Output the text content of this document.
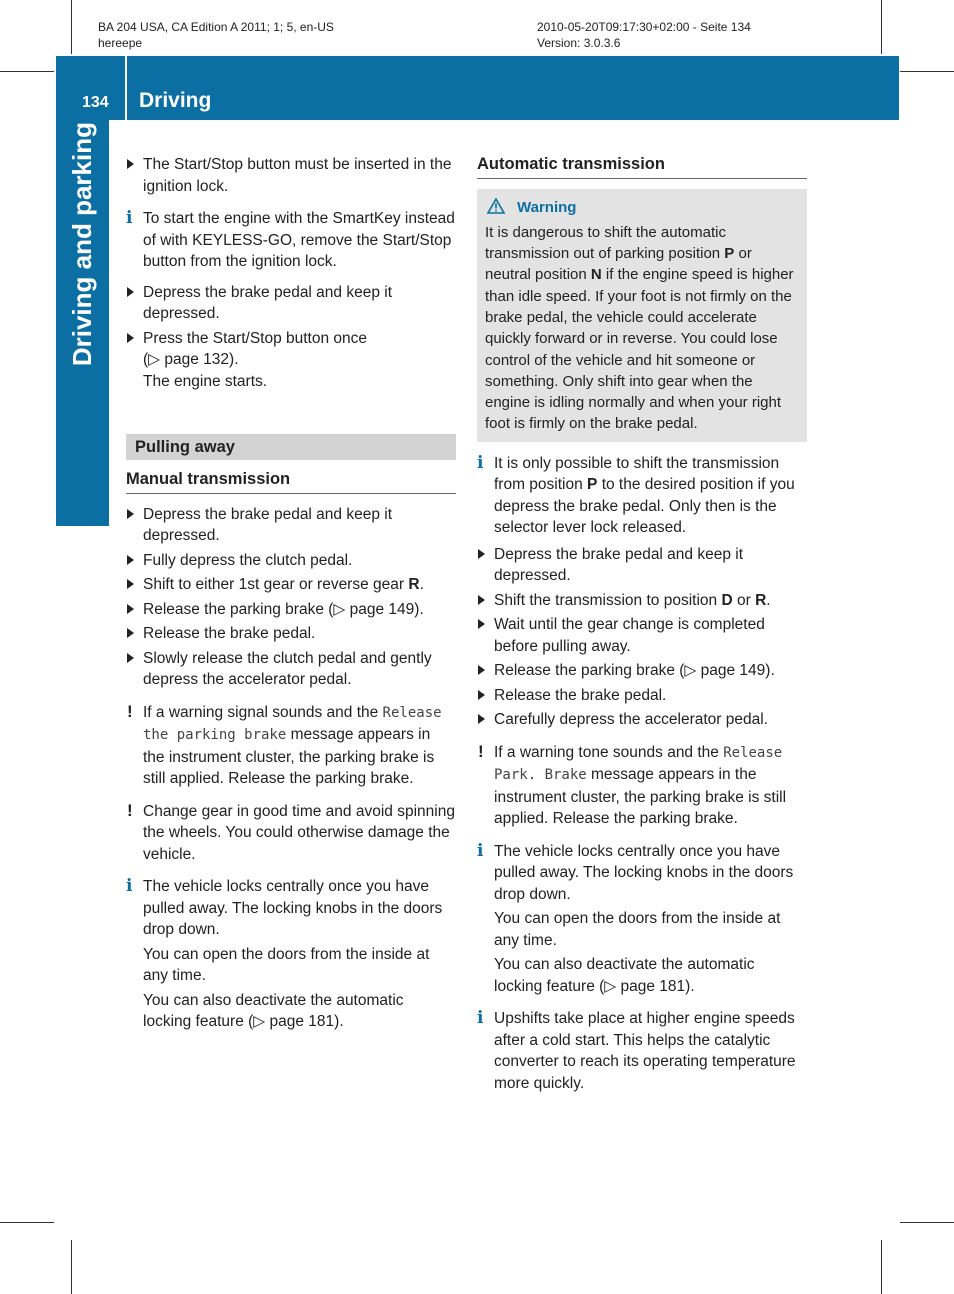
BA 204 USA, CA Edition A 2011; 1; 5, en-US
hereepe
2010-05-20T09:17:30+02:00 - Seite 134
Version: 3.0.3.6
134 Driving
Driving and parking	The Start/Stop button must be inserted in the ignition lock.
i To start the engine with the SmartKey instead of with KEYLESS-GO, remove the Start/Stop button from the ignition lock.

Depress the brake pedal and keep it depressed.
Press the Start/Stop button once
(▷ page 132).
The engine starts.
Pulling away
Manual transmission
Depress the brake pedal and keep it depressed.
Fully depress the clutch pedal.
Shift to either 1st gear or reverse gear R.
Release the parking brake (▷ page 149).
Release the brake pedal.
Slowly release the clutch pedal and gently depress the accelerator pedal.
! If a warning signal sounds and the Release the parking brake message appears in the instrument cluster, the parking brake is still applied. Release the parking brake.

! Change gear in good time and avoid spinning the wheels. You could otherwise damage the vehicle.

i The vehicle locks centrally once you have pulled away. The locking knobs in the doors drop down.

You can open the doors from the inside at any time.

You can also deactivate the automatic locking feature (▷ page 181).

Automatic transmission
Warning

It is dangerous to shift the automatic transmission out of parking position P or neutral position N if the engine speed is higher than idle speed. If your foot is not firmly on the brake pedal, the vehicle could accelerate quickly forward or in reverse. You could lose control of the vehicle and hit someone or something. Only shift into gear when the engine is idling normally and when your right foot is firmly on the brake pedal.

i It is only possible to shift the transmission from position P to the desired position if you depress the brake pedal. Only then is the selector lever lock released.

Depress the brake pedal and keep it depressed.
Shift the transmission to position D or R.
Wait until the gear change is completed before pulling away.
Release the parking brake (▷ page 149).
Release the brake pedal.
Carefully depress the accelerator pedal.
! If a warning tone sounds and the Release Park. Brake message appears in the instrument cluster, the parking brake is still applied. Release the parking brake.

i The vehicle locks centrally once you have pulled away. The locking knobs in the doors drop down.

You can open the doors from the inside at any time.

You can also deactivate the automatic locking feature (▷ page 181).

i Upshifts take place at higher engine speeds after a cold start. This helps the catalytic converter to reach its operating temperature more quickly.
